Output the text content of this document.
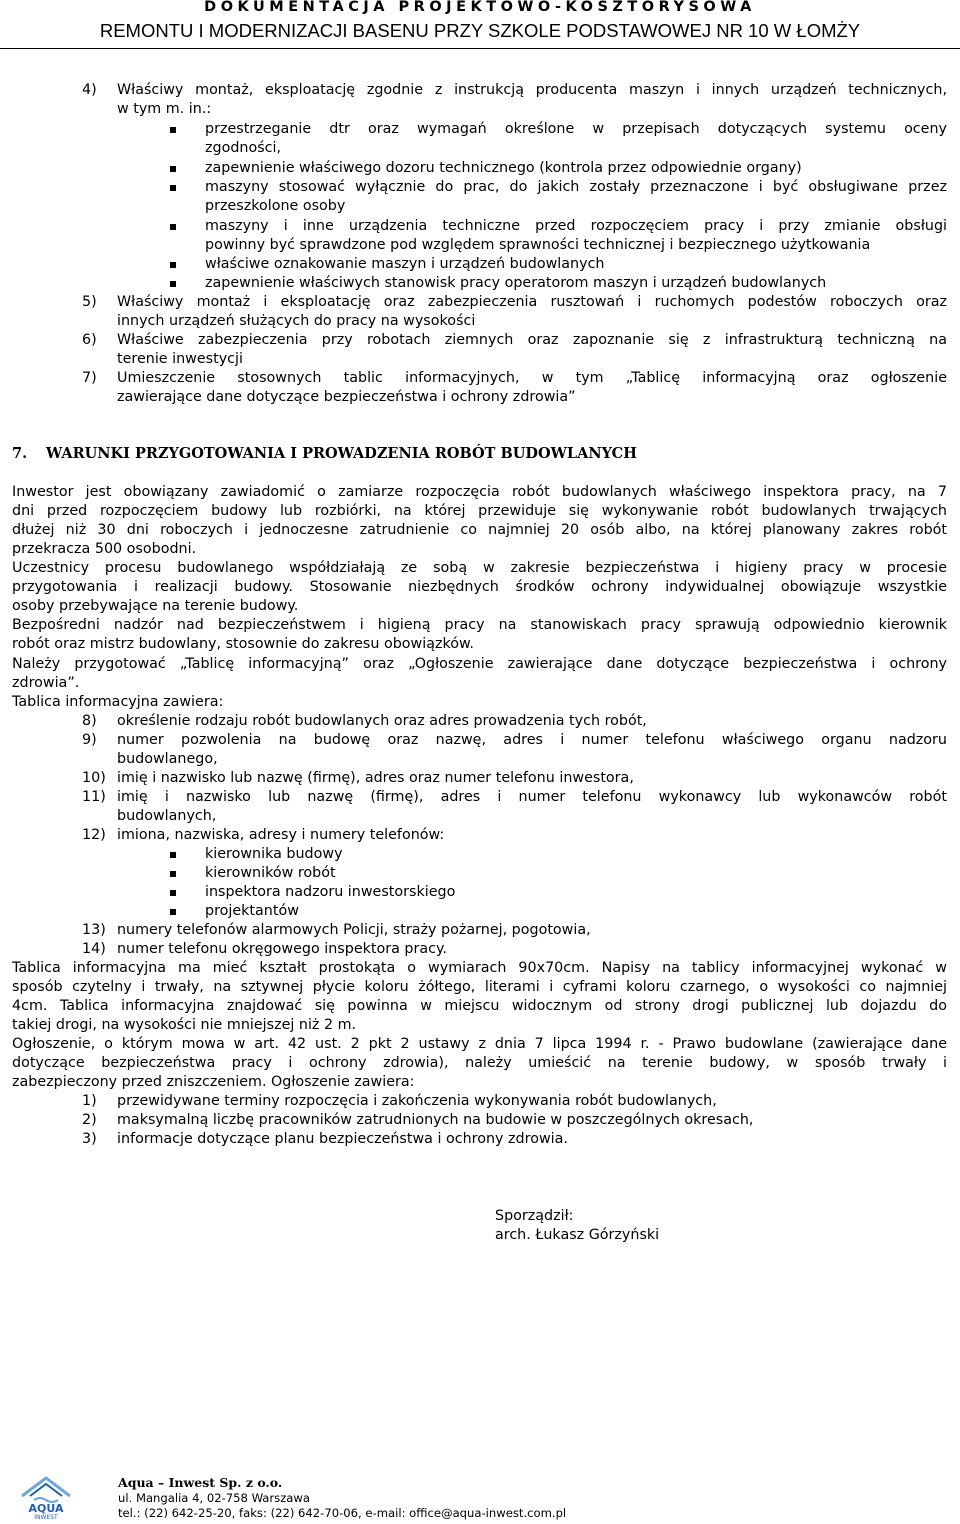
DOKUMENTACJA PROJEKTOWO-KOSZTORYSOWA
REMONTU I MODERNIZACJI BASENU PRZY SZKOLE PODSTAWOWEJ NR 10 W ŁOMŻY
4) Właściwy montaż, eksploatację zgodnie z instrukcją producenta maszyn i innych urządzeń technicznych,
w tym m. in.:
przestrzeganie dtr oraz wymagań określone w przepisach dotyczących systemu oceny
zgodności,
zapewnienie właściwego dozoru technicznego (kontrola przez odpowiednie organy)
maszyny stosować wyłącznie do prac, do jakich zostały przeznaczone i być obsługiwane przez
przeszkolone osoby
maszyny i inne urządzenia techniczne przed rozpoczęciem pracy i przy zmianie obsługi
powinny być sprawdzone pod względem sprawności technicznej i bezpiecznego użytkowania
właściwe oznakowanie maszyn i urządzeń budowlanych
zapewnienie właściwych stanowisk pracy operatorom maszyn i urządzeń budowlanych
5) Właściwy montaż i eksploatację oraz zabezpieczenia rusztowań i ruchomych podestów roboczych oraz
innych urządzeń służących do pracy na wysokości
6) Właściwe zabezpieczenia przy robotach ziemnych oraz zapoznanie się z infrastrukturą techniczną na
terenie inwestycji
7) Umieszczenie stosownych tablic informacyjnych, w tym „Tablicę informacyjną oraz ogłoszenie
zawierające dane dotyczące bezpieczeństwa i ochrony zdrowia”
7. WARUNKI PRZYGOTOWANIA I PROWADZENIA ROBÓT BUDOWLANYCH
Inwestor jest obowiązany zawiadomić o zamiarze rozpoczęcia robót budowlanych właściwego inspektora pracy, na 7
dni przed rozpoczęciem budowy lub rozbiórki, na której przewiduje się wykonywanie robót budowlanych trwających
dłużej niż 30 dni roboczych i jednoczesne zatrudnienie co najmniej 20 osób albo, na której planowany zakres robót
przekracza 500 osobodni.
Uczestnicy procesu budowlanego współdziałają ze sobą w zakresie bezpieczeństwa i higieny pracy w procesie
przygotowania i realizacji budowy. Stosowanie niezbędnych środków ochrony indywidualnej obowiązuje wszystkie
osoby przebywające na terenie budowy.
Bezpośredni nadzór nad bezpieczeństwem i higieną pracy na stanowiskach pracy sprawują odpowiednio kierownik
robót oraz mistrz budowlany, stosownie do zakresu obowiązków.
Należy przygotować „Tablicę informacyjną” oraz „Ogłoszenie zawierające dane dotyczące bezpieczeństwa i ochrony
zdrowia”.
Tablica informacyjna zawiera:
8) określenie rodzaju robót budowlanych oraz adres prowadzenia tych robót,
9) numer pozwolenia na budowę oraz nazwę, adres i numer telefonu właściwego organu nadzoru
budowlanego,
10) imię i nazwisko lub nazwę (firmę), adres oraz numer telefonu inwestora,
11) imię i nazwisko lub nazwę (firmę), adres i numer telefonu wykonawcy lub wykonawców robót
budowlanych,
12) imiona, nazwiska, adresy i numery telefonów:
kierownika budowy
kierowników robót
inspektora nadzoru inwestorskiego
projektantów
13) numery telefonów alarmowych Policji, straży pożarnej, pogotowia,
14) numer telefonu okręgowego inspektora pracy.
Tablica informacyjna ma mieć kształt prostokąta o wymiarach 90x70cm. Napisy na tablicy informacyjnej wykonać w
sposób czytelny i trwały, na sztywnej płycie koloru żółtego, literami i cyframi koloru czarnego, o wysokości co najmniej
4cm. Tablica informacyjna znajdować się powinna w miejscu widocznym od strony drogi publicznej lub dojazdu do
takiej drogi, na wysokości nie mniejszej niż 2 m.
Ogłoszenie, o którym mowa w art. 42 ust. 2 pkt 2 ustawy z dnia 7 lipca 1994 r. - Prawo budowlane (zawierające dane
dotyczące bezpieczeństwa pracy i ochrony zdrowia), należy umieścić na terenie budowy, w sposób trwały i
zabezpieczony przed zniszczeniem. Ogłoszenie zawiera:
1) przewidywane terminy rozpoczęcia i zakończenia wykonywania robót budowlanych,
2) maksymalną liczbę pracowników zatrudnionych na budowie w poszczególnych okresach,
3) informacje dotyczące planu bezpieczeństwa i ochrony zdrowia.
Sporządził:
arch. Łukasz Górzyński
AQUA
INWEST
Aqua – Inwest Sp. z o.o.
ul. Mangalia 4, 02-758 Warszawa
tel.: (22) 642-25-20, faks: (22) 642-70-06, e-mail: office@aqua-inwest.com.pl
